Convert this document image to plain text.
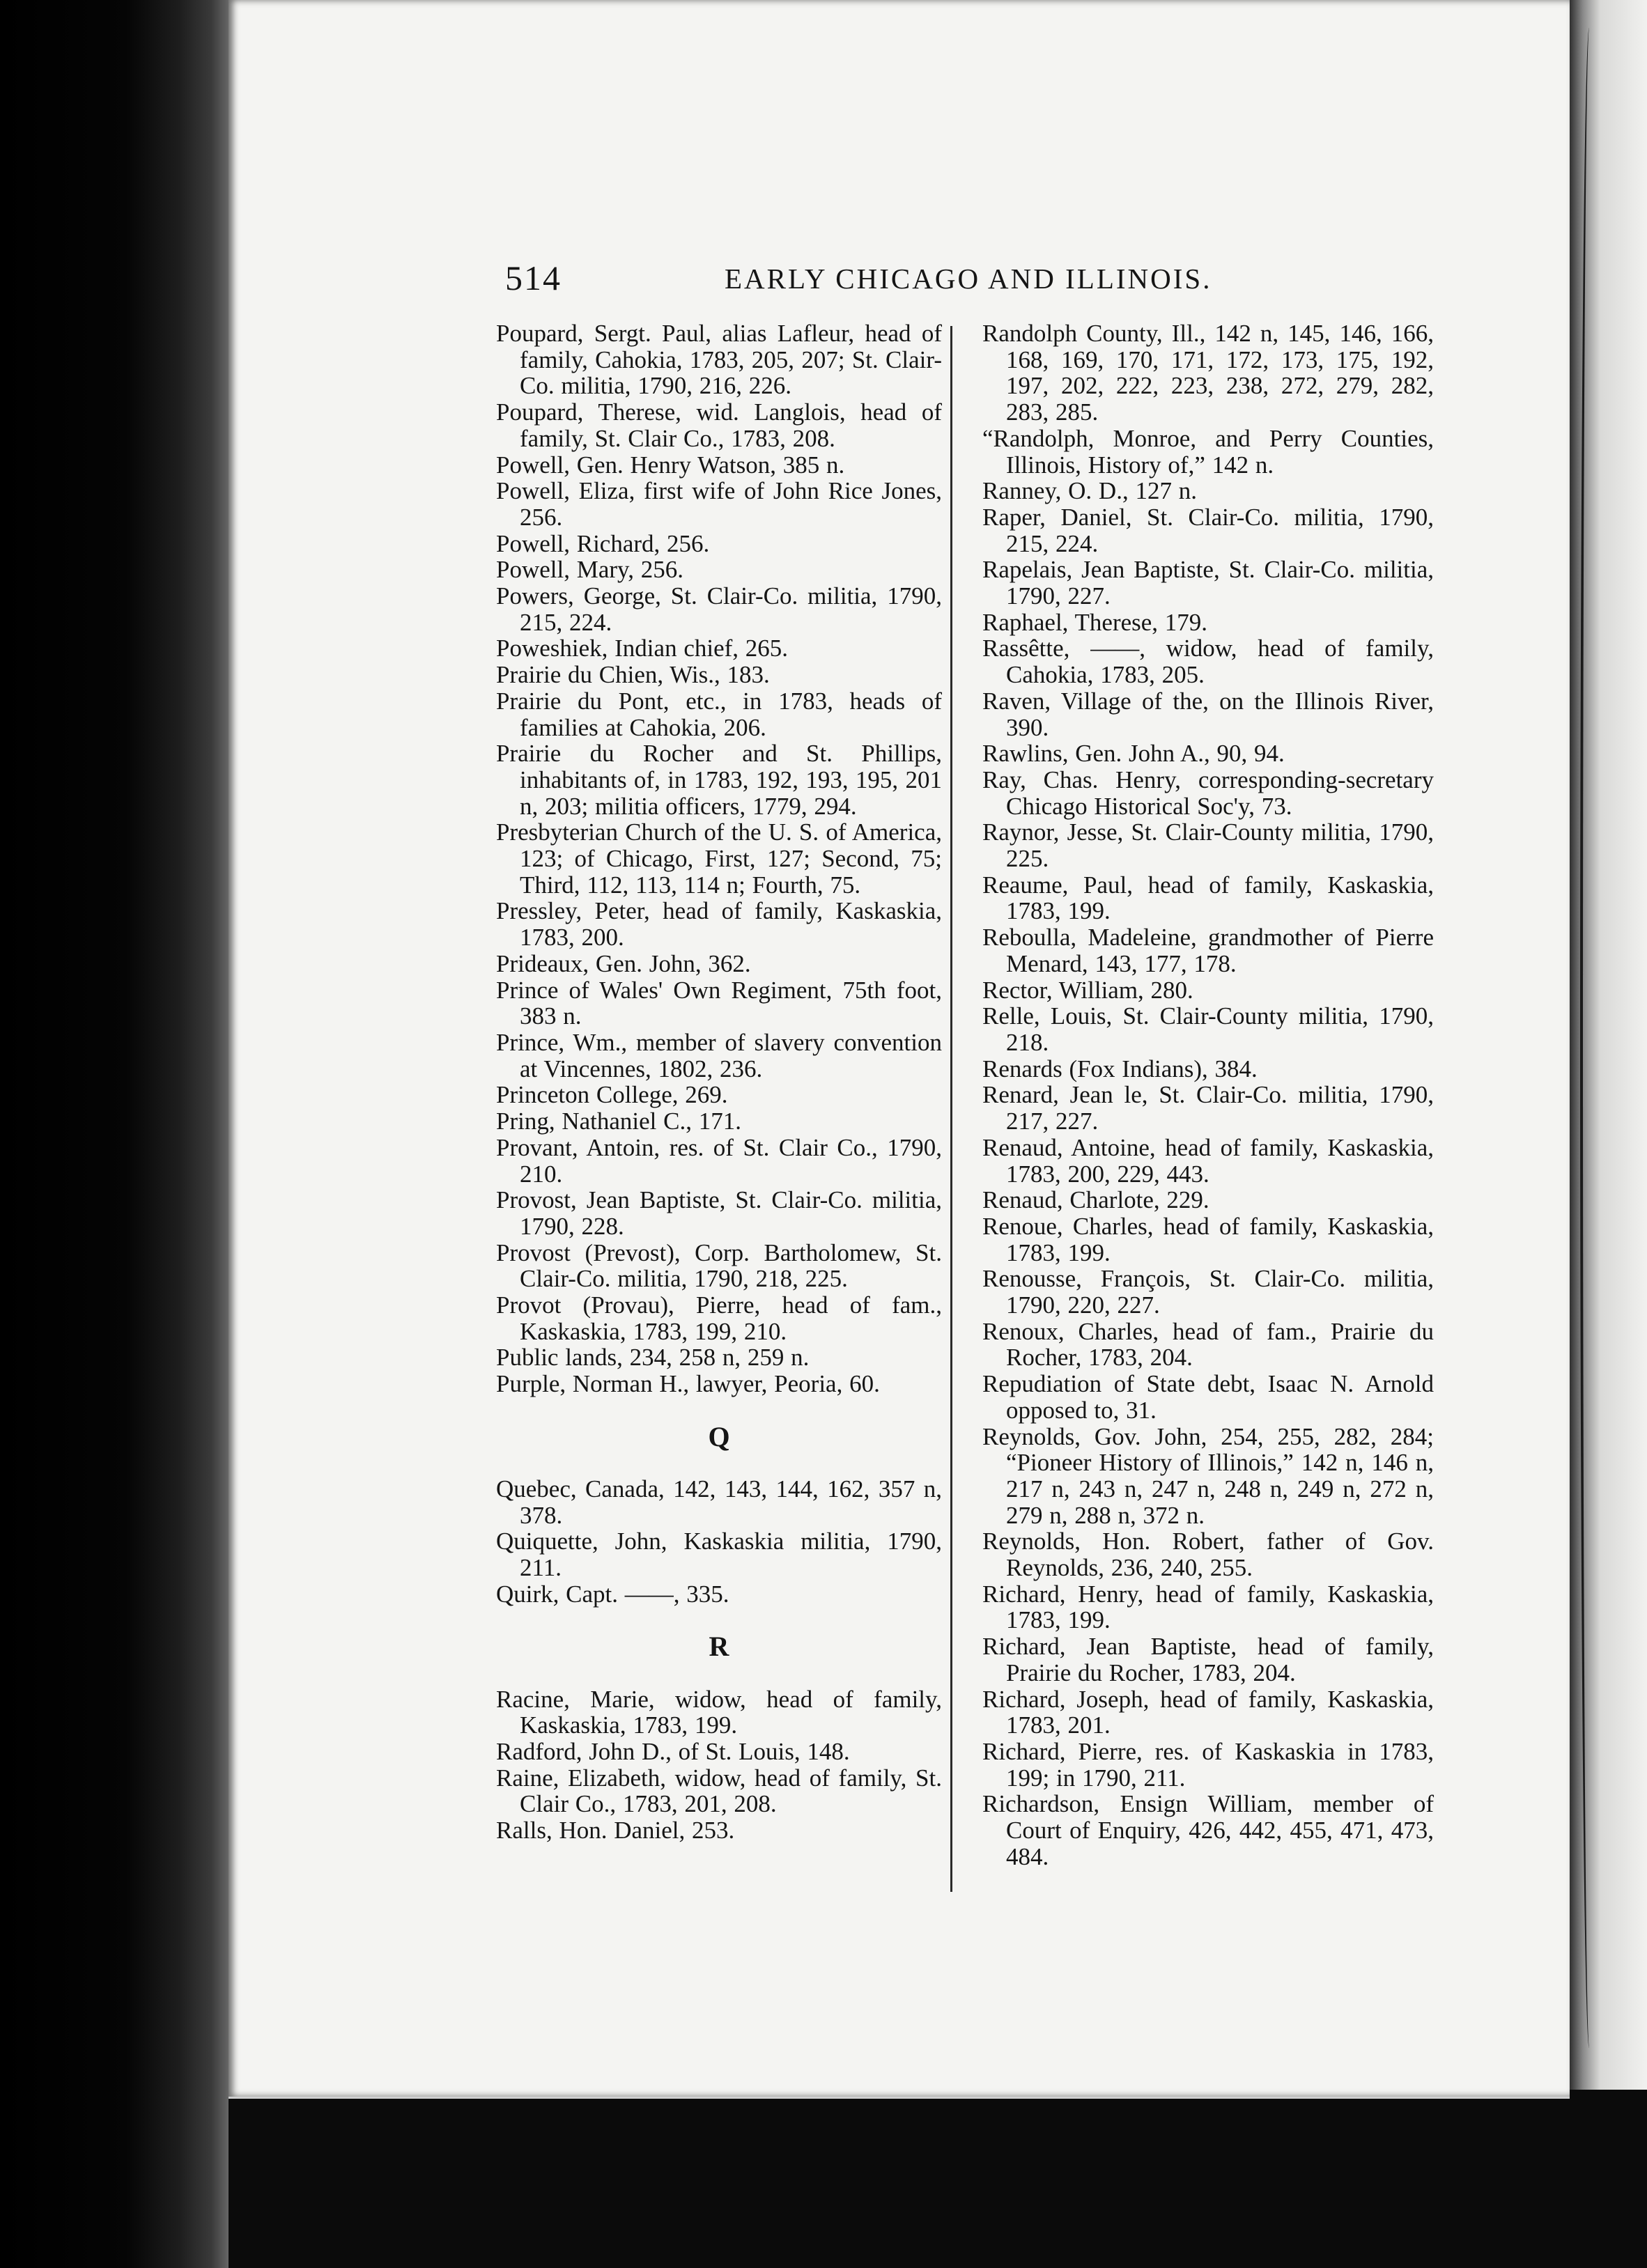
514	EARLY CHICAGO AND ILLINOIS.
Poupard, Sergt. Paul, alias Lafleur, head of family, Cahokia, 1783, 205, 207; St. Clair-Co. militia, 1790, 216, 226.
Poupard, Therese, wid. Langlois, head of family, St. Clair Co., 1783, 208.
Powell, Gen. Henry Watson, 385 n.
Powell, Eliza, first wife of John Rice Jones, 256.
Powell, Richard, 256.
Powell, Mary, 256.
Powers, George, St. Clair-Co. militia, 1790, 215, 224.
Poweshiek, Indian chief, 265.
Prairie du Chien, Wis., 183.
Prairie du Pont, etc., in 1783, heads of families at Cahokia, 206.
Prairie du Rocher and St. Phillips, inhabitants of, in 1783, 192, 193, 195, 201 n, 203; militia officers, 1779, 294.
Presbyterian Church of the U. S. of America, 123; of Chicago, First, 127; Second, 75; Third, 112, 113, 114 n; Fourth, 75.
Pressley, Peter, head of family, Kaskaskia, 1783, 200.
Prideaux, Gen. John, 362.
Prince of Wales' Own Regiment, 75th foot, 383 n.
Prince, Wm., member of slavery convention at Vincennes, 1802, 236.
Princeton College, 269.
Pring, Nathaniel C., 171.
Provant, Antoin, res. of St. Clair Co., 1790, 210.
Provost, Jean Baptiste, St. Clair-Co. militia, 1790, 228.
Provost (Prevost), Corp. Bartholomew, St. Clair-Co. militia, 1790, 218, 225.
Provot (Provau), Pierre, head of fam., Kaskaskia, 1783, 199, 210.
Public lands, 234, 258 n, 259 n.
Purple, Norman H., lawyer, Peoria, 60.
Q
Quebec, Canada, 142, 143, 144, 162, 357 n, 378.
Quiquette, John, Kaskaskia militia, 1790, 211.
Quirk, Capt. ——, 335.
R
Racine, Marie, widow, head of family, Kaskaskia, 1783, 199.
Radford, John D., of St. Louis, 148.
Raine, Elizabeth, widow, head of family, St. Clair Co., 1783, 201, 208.
Ralls, Hon. Daniel, 253.
Randolph County, Ill., 142 n, 145, 146, 166, 168, 169, 170, 171, 172, 173, 175, 192, 197, 202, 222, 223, 238, 272, 279, 282, 283, 285.
“Randolph, Monroe, and Perry Counties, Illinois, History of,” 142 n.
Ranney, O. D., 127 n.
Raper, Daniel, St. Clair-Co. militia, 1790, 215, 224.
Rapelais, Jean Baptiste, St. Clair-Co. militia, 1790, 227.
Raphael, Therese, 179.
Rassêtte, ——, widow, head of family, Cahokia, 1783, 205.
Raven, Village of the, on the Illinois River, 390.
Rawlins, Gen. John A., 90, 94.
Ray, Chas. Henry, corresponding-secretary Chicago Historical Soc'y, 73.
Raynor, Jesse, St. Clair-County militia, 1790, 225.
Reaume, Paul, head of family, Kaskaskia, 1783, 199.
Reboulla, Madeleine, grandmother of Pierre Menard, 143, 177, 178.
Rector, William, 280.
Relle, Louis, St. Clair-County militia, 1790, 218.
Renards (Fox Indians), 384.
Renard, Jean le, St. Clair-Co. militia, 1790, 217, 227.
Renaud, Antoine, head of family, Kaskaskia, 1783, 200, 229, 443.
Renaud, Charlote, 229.
Renoue, Charles, head of family, Kaskaskia, 1783, 199.
Renousse, François, St. Clair-Co. militia, 1790, 220, 227.
Renoux, Charles, head of fam., Prairie du Rocher, 1783, 204.
Repudiation of State debt, Isaac N. Arnold opposed to, 31.
Reynolds, Gov. John, 254, 255, 282, 284; “Pioneer History of Illinois,” 142 n, 146 n, 217 n, 243 n, 247 n, 248 n, 249 n, 272 n, 279 n, 288 n, 372 n.
Reynolds, Hon. Robert, father of Gov. Reynolds, 236, 240, 255.
Richard, Henry, head of family, Kaskaskia, 1783, 199.
Richard, Jean Baptiste, head of family, Prairie du Rocher, 1783, 204.
Richard, Joseph, head of family, Kaskaskia, 1783, 201.
Richard, Pierre, res. of Kaskaskia in 1783, 199; in 1790, 211.
Richardson, Ensign William, member of Court of Enquiry, 426, 442, 455, 471, 473, 484.
